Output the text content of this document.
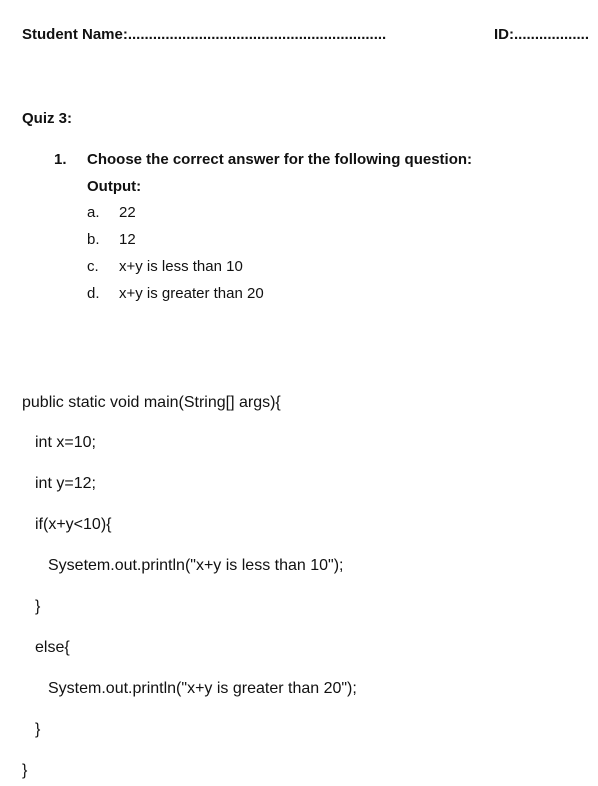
Student Name:..............................................................	ID:..................
Quiz 3:
1. Choose the correct answer for the following question:
Output:
a. 22
b. 12
c. x+y is less than 10
d. x+y is greater than 20
public static void main(String[] args){
int x=10;
int y=12;
if(x+y<10){
Sysetem.out.println("x+y is less than 10");
}
else{
System.out.println("x+y is greater than 20");
}
}
